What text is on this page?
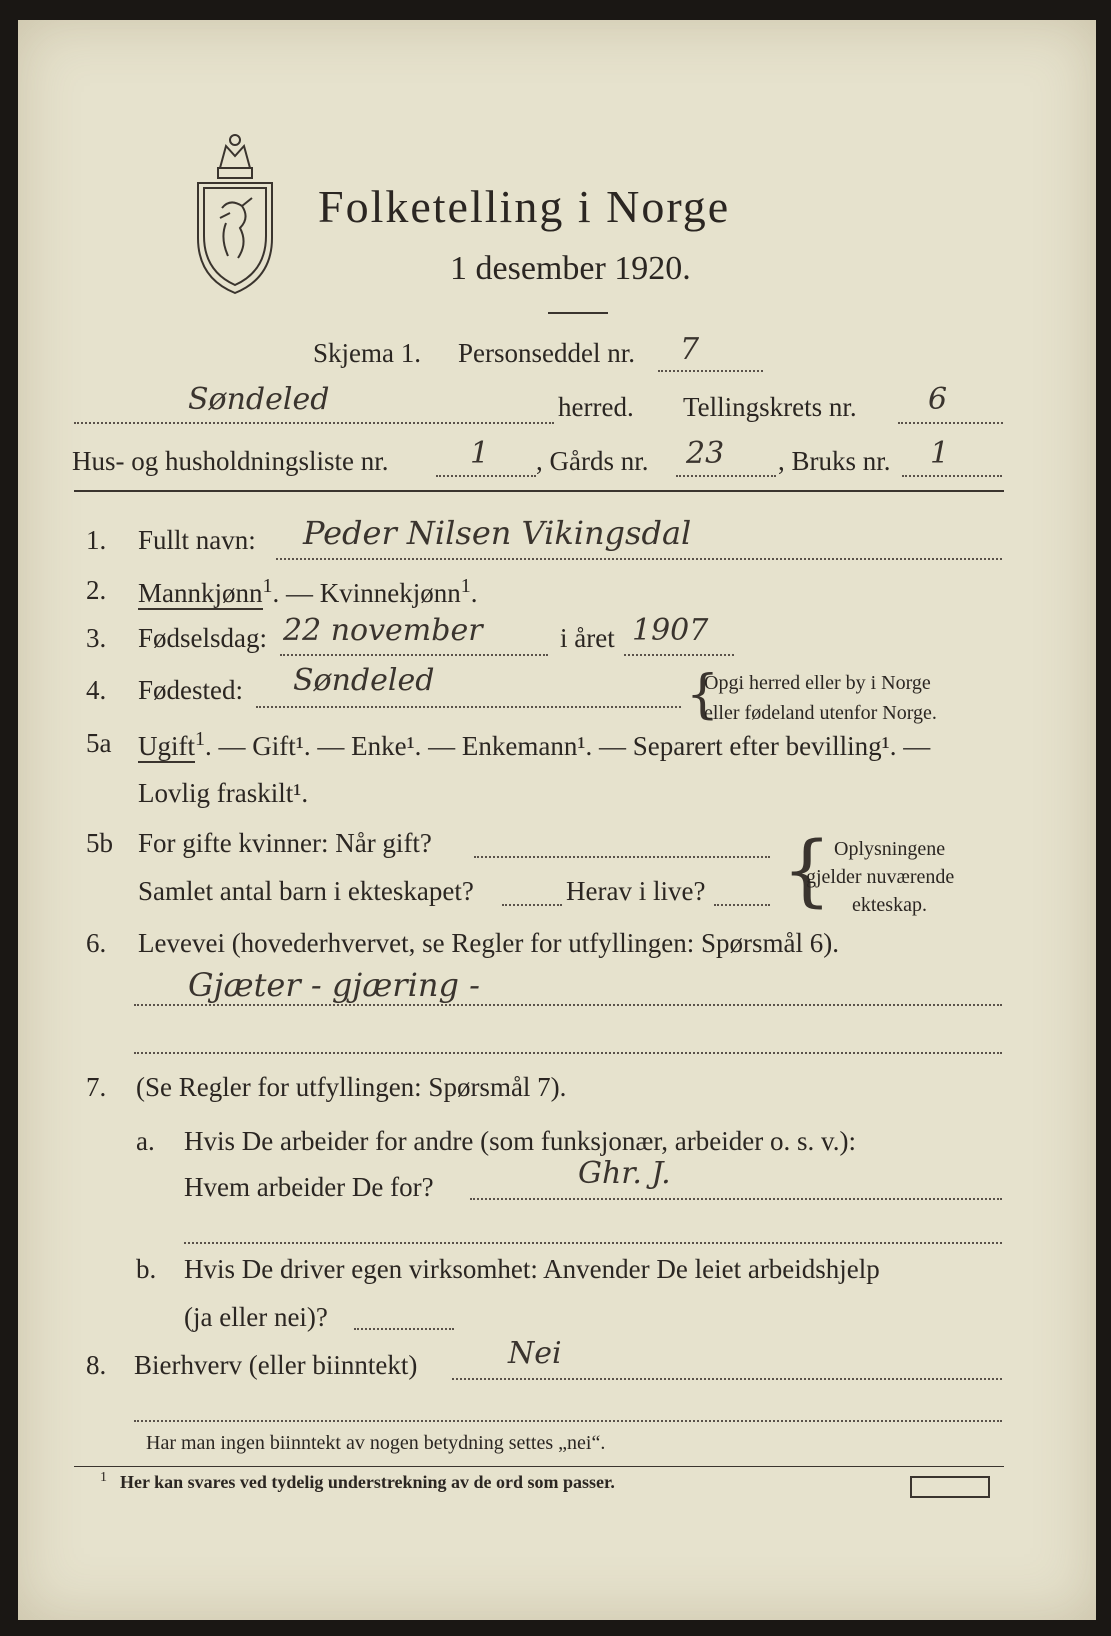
Folketelling i Norge
1 desember 1920.
Skjema 1. Personseddel nr. 7
Søndeled	herred. Tellingskrets nr. 6
Hus- og husholdningsliste nr.	1 , Gårds nr. 23 , Bruks nr. 1
1. Fullt navn: Peder Nilsen Vikingsdal
2. Mannkjønn$^1$. — Kvinnekjønn$^1$.
3. Fødselsdag: 22 november	i året 1907
4. Fødested: Søndeled	{
Opgi herred eller by i Norge
eller fødeland utenfor Norge.
5a Ugift$^1$. — Gift¹. — Enke¹. — Enkemann¹. — Separert efter bevilling¹. —
Lovlig fraskilt¹.
5b For gifte kvinner: Når gift?
Samlet antal barn i ekteskapet?	Herav i live? { Oplysningene
gjelder nuværende
ekteskap.
6. Levevei (hovederhvervet, se Regler for utfyllingen: Spørsmål 6).
Gjæter - gjæring -
7. (Se Regler for utfyllingen: Spørsmål 7).
a. Hvis De arbeider for andre (som funksjonær, arbeider o. s. v.):
Hvem arbeider De for?	Ghr. J.
b. Hvis De driver egen virksomhet: Anvender De leiet arbeidshjelp
(ja eller nei)?
8. Bierhverv (eller biinntekt)	Nei
Har man ingen biinntekt av nogen betydning settes „nei“.
1 Her kan svares ved tydelig understrekning av de ord som passer.
